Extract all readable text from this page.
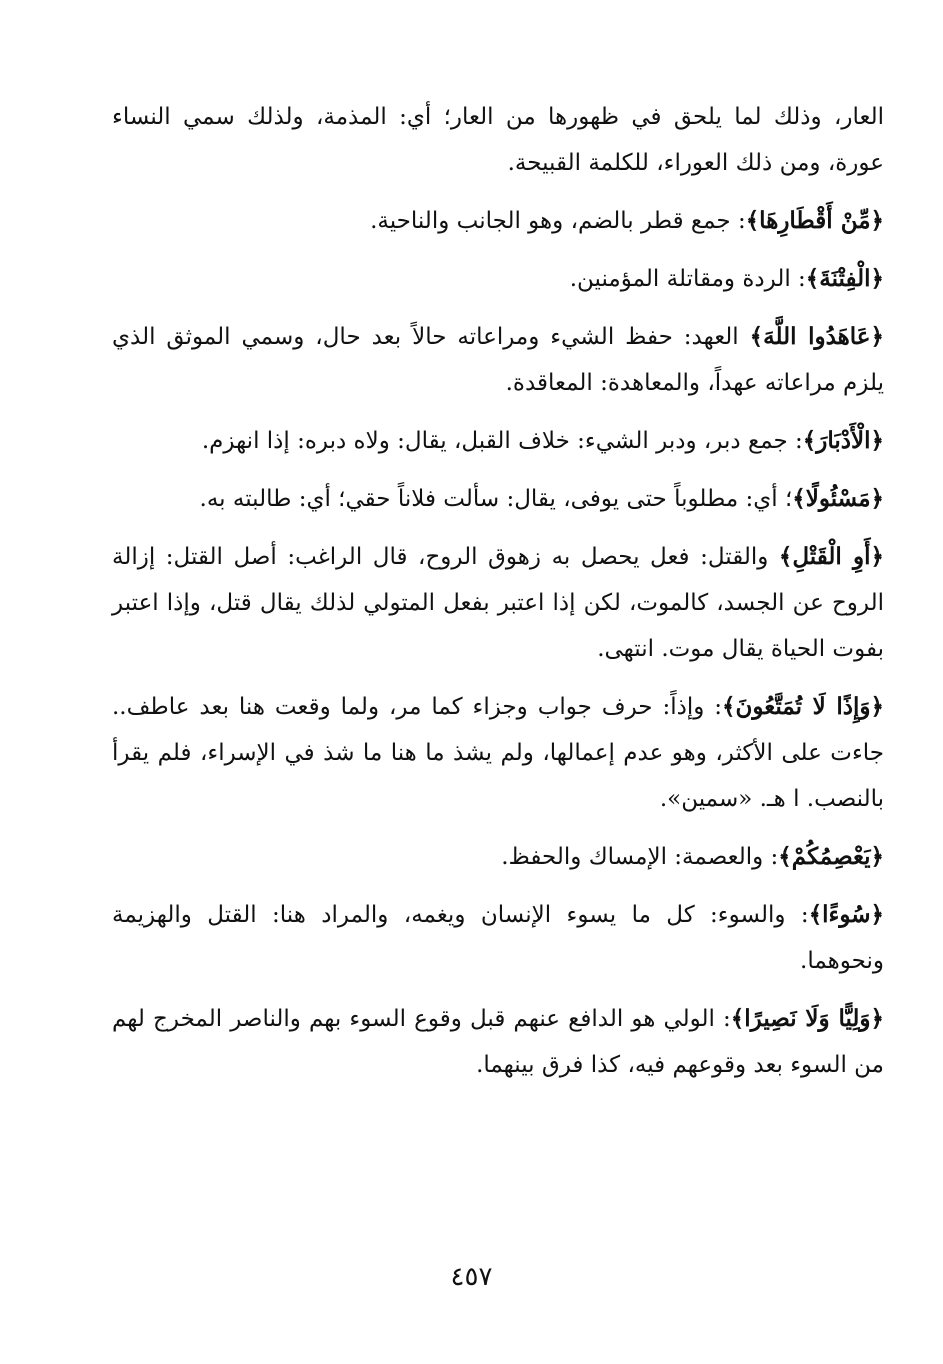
العار، وذلك لما يلحق في ظهورها من العار؛ أي: المذمة، ولذلك سمي النساء عورة، ومن ذلك العوراء، للكلمة القبيحة.

﴿مِّنْ أَقْطَارِهَا﴾: جمع قطر بالضم، وهو الجانب والناحية.

﴿الْفِتْنَةَ﴾: الردة ومقاتلة المؤمنين.

﴿عَاهَدُوا اللَّهَ﴾ العهد: حفظ الشيء ومراعاته حالاً بعد حال، وسمي الموثق الذي يلزم مراعاته عهداً، والمعاهدة: المعاقدة.

﴿الْأَدْبَارَ﴾: جمع دبر، ودبر الشيء: خلاف القبل، يقال: ولاه دبره: إذا انهزم.

﴿مَسْئُولًا﴾؛ أي: مطلوباً حتى يوفى، يقال: سألت فلاناً حقي؛ أي: طالبته به.

﴿أَوِ الْقَتْلِ﴾ والقتل: فعل يحصل به زهوق الروح، قال الراغب: أصل القتل: إزالة الروح عن الجسد، كالموت، لكن إذا اعتبر بفعل المتولي لذلك يقال قتل، وإذا اعتبر بفوت الحياة يقال موت. انتهى.

﴿وَإِذًا لَا تُمَتَّعُونَ﴾: وإذاً: حرف جواب وجزاء كما مر، ولما وقعت هنا بعد عاطف.. جاءت على الأكثر، وهو عدم إعمالها، ولم يشذ ما هنا ما شذ في الإسراء، فلم يقرأ بالنصب. ا هـ. «سمين».

﴿يَعْصِمُكُمْ﴾: والعصمة: الإمساك والحفظ.

﴿سُوءًا﴾: والسوء: كل ما يسوء الإنسان ويغمه، والمراد هنا: القتل والهزيمة ونحوهما.

﴿وَلِيًّا وَلَا نَصِيرًا﴾: الولي هو الدافع عنهم قبل وقوع السوء بهم والناصر المخرج لهم من السوء بعد وقوعهم فيه، كذا فرق بينهما.

٤٥٧
